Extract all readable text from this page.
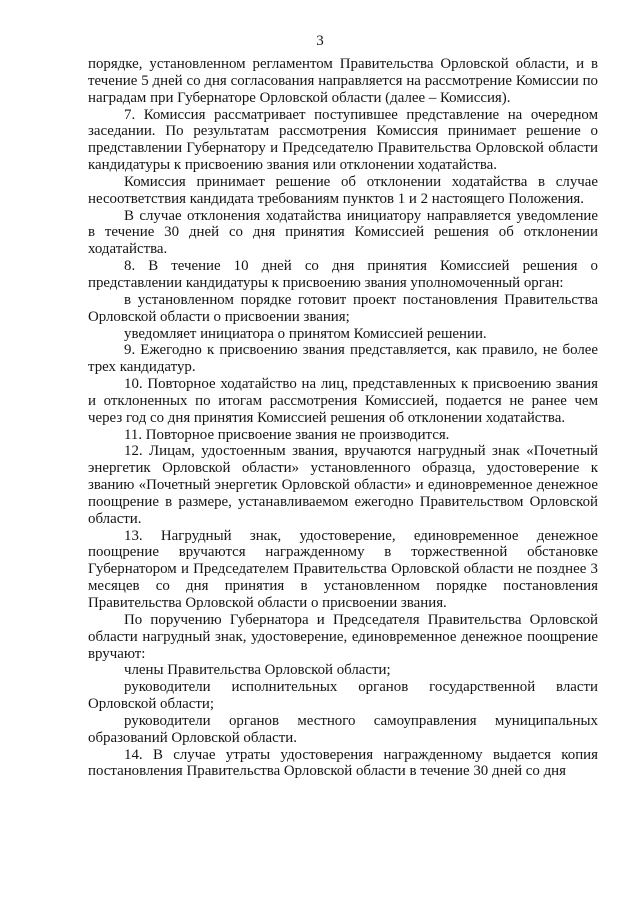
3

порядке, установленном регламентом Правительства Орловской области, и в течение 5 дней со дня согласования направляется на рассмотрение Комиссии по наградам при Губернаторе Орловской области (далее – Комиссия).

7. Комиссия рассматривает поступившее представление на очередном заседании. По результатам рассмотрения Комиссия принимает решение о представлении Губернатору и Председателю Правительства Орловской области кандидатуры к присвоению звания или отклонении ходатайства.

Комиссия принимает решение об отклонении ходатайства в случае несоответствия кандидата требованиям пунктов 1 и 2 настоящего Положения.

В случае отклонения ходатайства инициатору направляется уведомление в течение 30 дней со дня принятия Комиссией решения об отклонении ходатайства.

8. В течение 10 дней со дня принятия Комиссией решения о представлении кандидатуры к присвоению звания уполномоченный орган:

в установленном порядке готовит проект постановления Правительства Орловской области о присвоении звания;

уведомляет инициатора о принятом Комиссией решении.

9. Ежегодно к присвоению звания представляется, как правило, не более трех кандидатур.

10. Повторное ходатайство на лиц, представленных к присвоению звания и отклоненных по итогам рассмотрения Комиссией, подается не ранее чем через год со дня принятия Комиссией решения об отклонении ходатайства.

11. Повторное присвоение звания не производится.

12. Лицам, удостоенным звания, вручаются нагрудный знак «Почетный энергетик Орловской области» установленного образца, удостоверение к званию «Почетный энергетик Орловской области» и единовременное денежное поощрение в размере, устанавливаемом ежегодно Правительством Орловской области.

13. Нагрудный знак, удостоверение, единовременное денежное поощрение вручаются награжденному в торжественной обстановке Губернатором и Председателем Правительства Орловской области не позднее 3 месяцев со дня принятия в установленном порядке постановления Правительства Орловской области о присвоении звания.

По поручению Губернатора и Председателя Правительства Орловской области нагрудный знак, удостоверение, единовременное денежное поощрение вручают:

члены Правительства Орловской области;

руководители исполнительных органов государственной власти Орловской области;

руководители органов местного самоуправления муниципальных образований Орловской области.

14. В случае утраты удостоверения награжденному выдается копия постановления Правительства Орловской области в течение 30 дней со дня
